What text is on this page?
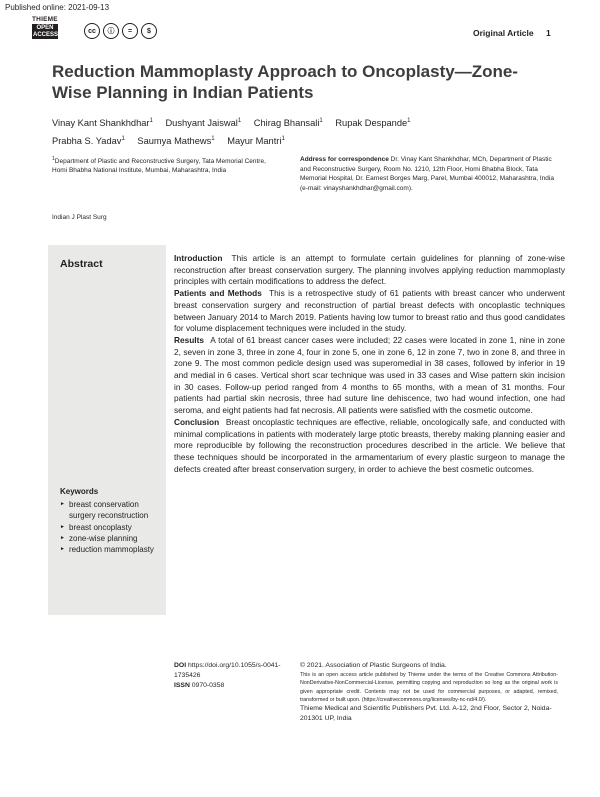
Published online: 2021-09-13
THIEME
OPEN
ACCESS	cc	ⓘ	=	$	Original Article 1
Reduction Mammoplasty Approach to Oncoplasty—Zone-Wise Planning in Indian Patients
Vinay Kant Shankhdhar$^1$ Dushyant Jaiswal$^1$ Chirag Bhansali$^1$ Rupak Despande$^1$
Prabha S. Yadav$^1$ Saumya Mathews$^1$ Mayur Mantri$^1$
$^1$Department of Plastic and Reconstructive Surgery, Tata Memorial Centre, Homi Bhabha National Institute, Mumbai, Maharashtra, India
Address for correspondence Dr. Vinay Kant Shankhdhar, MCh, Department of Plastic and Reconstructive Surgery, Room No. 1210, 12th Floor, Homi Bhabha Block, Tata Memorial Hospital, Dr. Earnest Borges Marg, Parel, Mumbai 400012, Maharashtra, India (e-mail: vinayshankhdhar@gmail.com).
Indian J Plast Surg
Abstract	Introduction This article is an attempt to formulate certain guidelines for planning of zone-wise reconstruction after breast conservation surgery. The planning involves applying reduction mammoplasty principles with certain modifications to address the defect.

Patients and Methods This is a retrospective study of 61 patients with breast cancer who underwent breast conservation surgery and reconstruction of partial breast defects with oncoplastic techniques between January 2014 to March 2019. Patients having low tumor to breast ratio and thus good candidates for volume displacement techniques were included in the study.

Results A total of 61 breast cancer cases were included; 22 cases were located in zone 1, nine in zone 2, seven in zone 3, three in zone 4, four in zone 5, one in zone 6, 12 in zone 7, two in zone 8, and three in zone 9. The most common pedicle design used was superomedial in 38 cases, followed by inferior in 19 and medial in 6 cases. Vertical short scar technique was used in 33 cases and Wise pattern skin incision in 30 cases. Follow-up period ranged from 4 months to 65 months, with a mean of 31 months. Four patients had partial skin necrosis, three had suture line dehiscence, two had wound infection, one had seroma, and eight patients had fat necrosis. All patients were satisfied with the cosmetic outcome.

Conclusion Breast oncoplastic techniques are effective, reliable, oncologically safe, and conducted with minimal complications in patients with moderately large ptotic breasts, thereby making planning easier and more reproducible by following the reconstruction procedures described in the article. We believe that these techniques should be incorporated in the armamentarium of every plastic surgeon to manage the defects created after breast conservation surgery, in order to achieve the best cosmetic outcomes.

Keywords
► breast conservation surgery reconstruction
► breast oncoplasty
► zone-wise planning
► reduction mammoplasty
DOI https://doi.org/10.1055/s-0041-1735426
ISSN 0970-0358
© 2021. Association of Plastic Surgeons of India.
This is an open access article published by Thieme under the terms of the Creative Commons Attribution-NonDerivative-NonCommercial-License, permitting copying and reproduction so long as the original work is given appropriate credit. Contents may not be used for commercial purposes, or adapted, remixed, transformed or built upon. (https://creativecommons.org/licenses/by-nc-nd/4.0/).
Thieme Medical and Scientific Publishers Pvt. Ltd. A-12, 2nd Floor, Sector 2, Noida-201301 UP, India
